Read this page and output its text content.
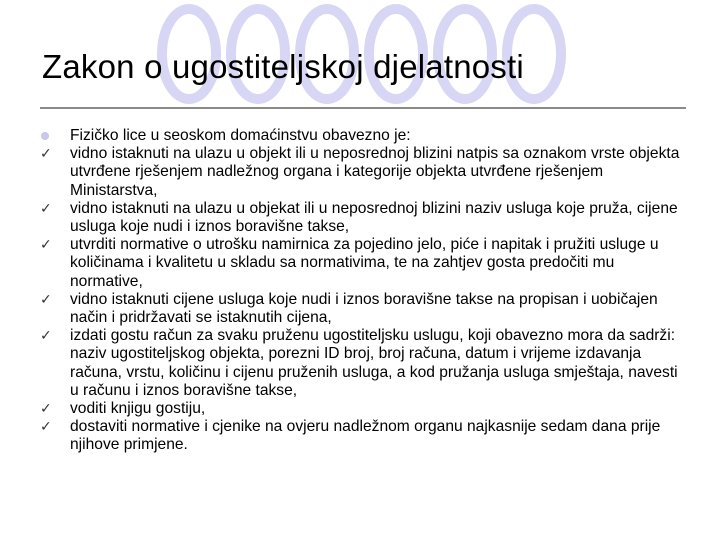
Zakon o ugostiteljskoj djelatnosti
Fizičko lice u seoskom domaćinstvu obavezno je:
✓ vidno istaknuti na ulazu u objekt ili u neposrednoj blizini natpis sa oznakom vrste objekta utvrđene rješenjem nadležnog organa i kategorije objekta utvrđene rješenjem Ministarstva,
✓ vidno istaknuti na ulazu u objekat ili u neposrednoj blizini naziv usluga koje pruža, cijene usluga koje nudi i iznos boravišne takse,
✓ utvrditi normative o utrošku namirnica za pojedino jelo, piće i napitak i pružiti usluge u količinama i kvalitetu u skladu sa normativima, te na zahtjev gosta predočiti mu normative,
✓ vidno istaknuti cijene usluga koje nudi i iznos boravišne takse na propisan i uobičajen način i pridržavati se istaknutih cijena,
✓ izdati gostu račun za svaku pruženu ugostiteljsku uslugu, koji obavezno mora da sadrži: naziv ugostiteljskog objekta, porezni ID broj, broj računa, datum i vrijeme izdavanja računa, vrstu, količinu i cijenu pruženih usluga, a kod pružanja usluga smještaja, navesti u računu i iznos boravišne takse,
✓ voditi knjigu gostiju,
✓ dostaviti normative i cjenike na ovjeru nadležnom organu najkasnije sedam dana prije njihove primjene.
